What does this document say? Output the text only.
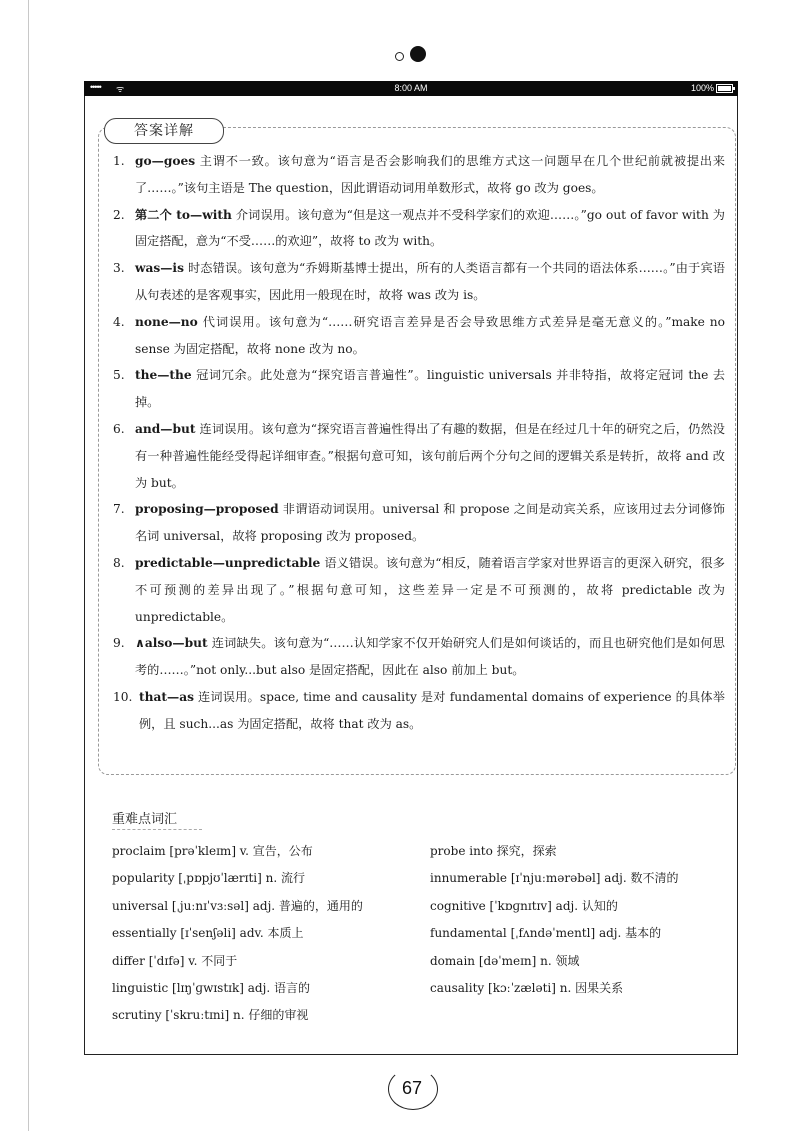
••••• ᯤ	8:00 AM	100%
答案详解
1. go—goes 主谓不一致。该句意为“语言是否会影响我们的思维方式这一问题早在几个世纪前就被提出来了……。”该句主语是 The question，因此谓语动词用单数形式，故将 go 改为 goes。
2. 第二个 to—with 介词误用。该句意为“但是这一观点并不受科学家们的欢迎……。”go out of favor with 为固定搭配，意为“不受……的欢迎”，故将 to 改为 with。
3. was—is 时态错误。该句意为“乔姆斯基博士提出，所有的人类语言都有一个共同的语法体系……。”由于宾语从句表述的是客观事实，因此用一般现在时，故将 was 改为 is。
4. none—no 代词误用。该句意为“……研究语言差异是否会导致思维方式差异是毫无意义的。”make no sense 为固定搭配，故将 none 改为 no。
5. the—the 冠词冗余。此处意为“探究语言普遍性”。linguistic universals 并非特指，故将定冠词 the 去掉。
6. and—but 连词误用。该句意为“探究语言普遍性得出了有趣的数据，但是在经过几十年的研究之后，仍然没有一种普遍性能经受得起详细审查。”根据句意可知，该句前后两个分句之间的逻辑关系是转折，故将 and 改为 but。
7. proposing—proposed 非谓语动词误用。universal 和 propose 之间是动宾关系，应该用过去分词修饰名词 universal，故将 proposing 改为 proposed。
8. predictable—unpredictable 语义错误。该句意为“相反，随着语言学家对世界语言的更深入研究，很多不可预测的差异出现了。”根据句意可知，这些差异一定是不可预测的，故将 predictable 改为 unpredictable。
9. ∧also—but 连词缺失。该句意为“……认知学家不仅开始研究人们是如何谈话的，而且也研究他们是如何思考的……。”not only...but also 是固定搭配，因此在 also 前加上 but。
10. that—as 连词误用。space, time and causality 是对 fundamental domains of experience 的具体举例，且 such...as 为固定搭配，故将 that 改为 as。
重难点词汇
proclaim [prəˈkleɪm] v. 宣告，公布
popularity [ˌpɒpjʊˈlærɪti] n. 流行
universal [ˌjuːnɪˈvɜːsəl] adj. 普遍的，通用的
essentially [ɪˈsenʃəli] adv. 本质上
differ [ˈdɪfə] v. 不同于
linguistic [lɪŋˈɡwɪstɪk] adj. 语言的
scrutiny [ˈskruːtɪni] n. 仔细的审视
probe into 探究，探索
innumerable [ɪˈnjuːmərəbəl] adj. 数不清的
cognitive [ˈkɒɡnɪtɪv] adj. 认知的
fundamental [ˌfʌndəˈmentl] adj. 基本的
domain [dəˈmeɪn] n. 领域
causality [kɔːˈzæləti] n. 因果关系
67
